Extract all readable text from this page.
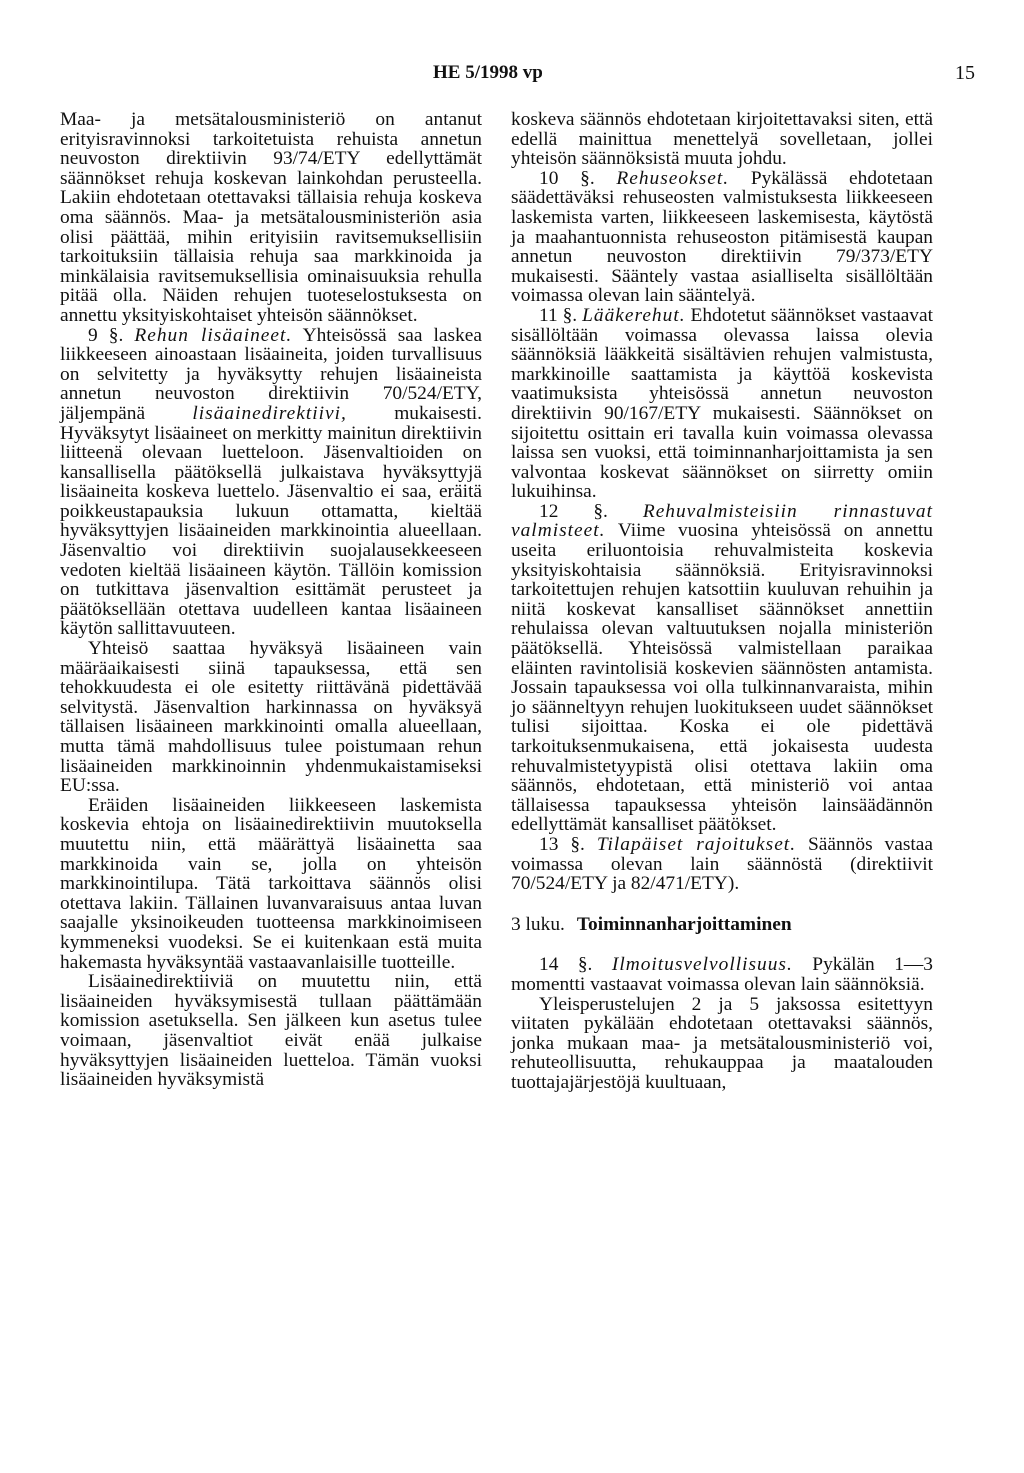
HE 5/1998 vp	15

Maa- ja metsätalousministeriö on antanut erityisravinnoksi tarkoitetuista rehuista annetun neuvoston direktiivin 93/74/ETY edellyttämät säännökset rehuja koskevan lainkohdan perusteella. Lakiin ehdotetaan otettavaksi tällaisia rehuja koskeva oma säännös. Maa- ja metsätalousministeriön asia olisi päättää, mihin erityisiin ravitsemuksellisiin tarkoituksiin tällaisia rehuja saa markkinoida ja minkälaisia ravitsemuksellisia ominaisuuksia rehulla pitää olla. Näiden rehujen tuoteselostuksesta on annettu yksityiskohtaiset yhteisön säännökset.

9 §. Rehun lisäaineet. Yhteisössä saa laskea liikkeeseen ainoastaan lisäaineita, joiden turvallisuus on selvitetty ja hyväksytty rehujen lisäaineista annetun neuvoston direktiivin 70/524/ETY, jäljempänä lisäainedirektiivi, mukaisesti. Hyväksytyt lisäaineet on merkitty mainitun direktiivin liitteenä olevaan luetteloon. Jäsenvaltioiden on kansallisella päätöksellä julkaistava hyväksyttyjä lisäaineita koskeva luettelo. Jäsenvaltio ei saa, eräitä poikkeustapauksia lukuun ottamatta, kieltää hyväksyttyjen lisäaineiden markkinointia alueellaan. Jäsenvaltio voi direktiivin suojalausekkeeseen vedoten kieltää lisäaineen käytön. Tällöin komission on tutkittava jäsenvaltion esittämät perusteet ja päätöksellään otettava uudelleen kantaa lisäaineen käytön sallittavuuteen.

Yhteisö saattaa hyväksyä lisäaineen vain määräaikaisesti siinä tapauksessa, että sen tehokkuudesta ei ole esitetty riittävänä pidettävää selvitystä. Jäsenvaltion harkinnassa on hyväksyä tällaisen lisäaineen markkinointi omalla alueellaan, mutta tämä mahdollisuus tulee poistumaan rehun lisäaineiden markkinoinnin yhdenmukaistamiseksi EU:ssa.

Eräiden lisäaineiden liikkeeseen laskemista koskevia ehtoja on lisäainedirektiivin muutoksella muutettu niin, että määrättyä lisäainetta saa markkinoida vain se, jolla on yhteisön markkinointilupa. Tätä tarkoittava säännös olisi otettava lakiin. Tällainen luvanvaraisuus antaa luvan saajalle yksinoikeuden tuotteensa markkinoimiseen kymmeneksi vuodeksi. Se ei kuitenkaan estä muita hakemasta hyväksyntää vastaavanlaisille tuotteille.

Lisäainedirektiiviä on muutettu niin, että lisäaineiden hyväksymisestä tullaan päättämään komission asetuksella. Sen jälkeen kun asetus tulee voimaan, jäsenvaltiot eivät enää julkaise hyväksyttyjen lisäaineiden luetteloa. Tämän vuoksi lisäaineiden hyväksymistä

koskeva säännös ehdotetaan kirjoitettavaksi siten, että edellä mainittua menettelyä sovelletaan, jollei yhteisön säännöksistä muuta johdu.

10 §. Rehuseokset. Pykälässä ehdotetaan säädettäväksi rehuseosten valmistuksesta liikkeeseen laskemista varten, liikkeeseen laskemisesta, käytöstä ja maahantuonnista rehuseoston pitämisestä kaupan annetun neuvoston direktiivin 79/373/ETY mukaisesti. Sääntely vastaa asialliselta sisällöltään voimassa olevan lain sääntelyä.

11 §. Lääkerehut. Ehdotetut säännökset vastaavat sisällöltään voimassa olevassa laissa olevia säännöksiä lääkkeitä sisältävien rehujen valmistusta, markkinoille saattamista ja käyttöä koskevista vaatimuksista yhteisössä annetun neuvoston direktiivin 90/167/ETY mukaisesti. Säännökset on sijoitettu osittain eri tavalla kuin voimassa olevassa laissa sen vuoksi, että toiminnanharjoittamista ja sen valvontaa koskevat säännökset on siirretty omiin lukuihinsa.

12 §. Rehuvalmisteisiin rinnastuvat valmisteet. Viime vuosina yhteisössä on annettu useita eriluontoisia rehuvalmisteita koskevia yksityiskohtaisia säännöksiä. Erityisravinnoksi tarkoitettujen rehujen katsottiin kuuluvan rehuihin ja niitä koskevat kansalliset säännökset annettiin rehulaissa olevan valtuutuksen nojalla ministeriön päätöksellä. Yhteisössä valmistellaan paraikaa eläinten ravintolisiä koskevien säännösten antamista. Jossain tapauksessa voi olla tulkinnanvaraista, mihin jo säänneltyyn rehujen luokitukseen uudet säännökset tulisi sijoittaa. Koska ei ole pidettävä tarkoituksenmukaisena, että jokaisesta uudesta rehuvalmistetyypistä olisi otettava lakiin oma säännös, ehdotetaan, että ministeriö voi antaa tällaisessa tapauksessa yhteisön lainsäädännön edellyttämät kansalliset päätökset.

13 §. Tilapäiset rajoitukset. Säännös vastaa voimassa olevan lain säännöstä (direktiivit 70/524/ETY ja 82/471/ETY).

3 luku. Toiminnanharjoittaminen

14 §. Ilmoitusvelvollisuus. Pykälän 1—3 momentti vastaavat voimassa olevan lain säännöksiä.

Yleisperustelujen 2 ja 5 jaksossa esitettyyn viitaten pykälään ehdotetaan otettavaksi säännös, jonka mukaan maa- ja metsätalousministeriö voi, rehuteollisuutta, rehukauppaa ja maatalouden tuottajajärjestöjä kuultuaan,
